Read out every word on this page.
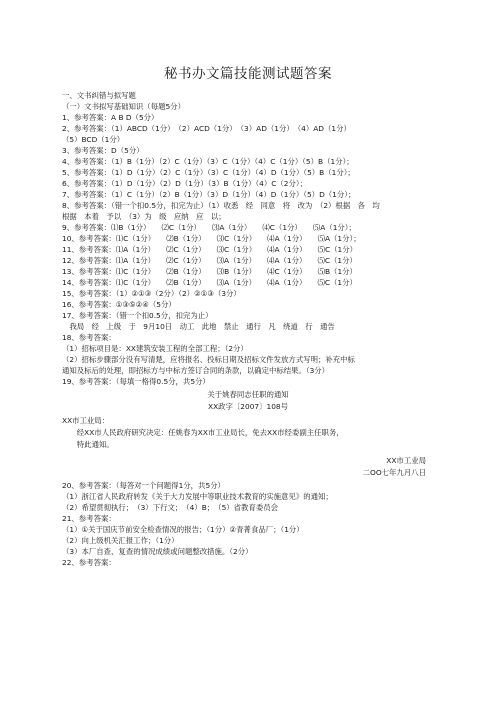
秘书办文篇技能测试题答案
一、文书纠错与拟写题
（一）文书拟写基础知识（每题5分）
1、参考答案：A B D（5分）
2、参考答案：（1）ABCD（1分）　（2）ACD（1分）　（3）AD（1分）　（4）AD（1分）
（5）BCD（1分）
3、参考答案：D（5分）
4、参考答案：（1）B（1分）（2）C（1分）（3）C（1分）（4）C（1分）（5）B（1分）；
5、参考答案：（1）D（1分）（2）C（1分）（3）C（1分）（4）D（1分）（5）B（1分）；
6、参考答案：（1）D（1分）（2）D（1分）（3）B（1分）（4）C（2分）；
7、参考答案：（1）C（1分）（2）B（1分）（3）D（1分）（4）D（1分）（5）D（1分）；
8、参考答案：（错一个扣0.5分，扣完为止）（1）收悉　经　同意　将　改为　（2）根据　各　均
根据　本着　予以　（3）为　级　应纳　应　以；
9、参考答案：⑴B（1分）　　⑵C（1分）　　⑶A（1分）　　⑷C（1分）　　⑸A（1分）；
10、参考答案：⑴C（1分）　　⑵B（1分）　　⑶C（1分）　　⑷A（1分）　　⑸A（1分）；
11、参考答案：⑴A（1分）　　⑵C（1分）　　⑶C（1分）　　⑷A（1分）　　⑸C（1分）
12、参考答案：⑴A（1分）　　⑵C（1分）　　⑶A（1分）　　⑷A（1分）　　⑸C（1分）
13、参考答案：⑴C（1分）　　⑵B（1分）　　⑶B（1分）　　⑷C（1分）　　⑸B（1分）
14、参考答案：⑴C（1分）　　⑵B（1分）　　⑶A（1分）　　⑷A（1分）　　⑸C（1分）
15、参考答案：（1）②①③（2分）（2）②①③（3分）
16、参考答案：①③⑤②④（5分）
17、参考答案：（错一个扣0.5分，扣完为止）
　我局　经　上级　于　9月10日　动工　此地　禁止　通行　凡　绕道　行　通告
18、参考答案：
（1）招标项目是：XX建筑安装工程的全部工程；（2分）
（2）招标步骤部分没有写清楚，应将报名、投标日期及招标文件发放方式写明；补充中标
通知及标后的处理，即招标方与中标方签订合同的条款，以确定中标结果。（3分）
19、参考答案：（每填一格得0.5分，共5分）
关于姚春同志任职的通知
XX政字〔2007〕108号
XX市工业局：
　　经XX市人民政府研究决定：任姚春为XX市工业局长，免去XX市经委副主任职务，
　　特此通知。
XX市工业局
二OO七年九月八日
20、参考答案：（每答对一个问题得1分，共5分）
（1）浙江省人民政府转发《关于大力发展中等职业技术教育的实施意见》的通知；
（2）希望贯彻执行；　（3）下行文；　（4）B；　（5）省教育委员会
21、参考答案：
（1）①关于国庆节前安全检查情况的报告；（1分）②青菁食品厂；（1分）
（2）向上级机关汇报工作；（1分）
（3）本厂自查、复查的情况成绩或问题整改措施。（2分）
22、参考答案：
